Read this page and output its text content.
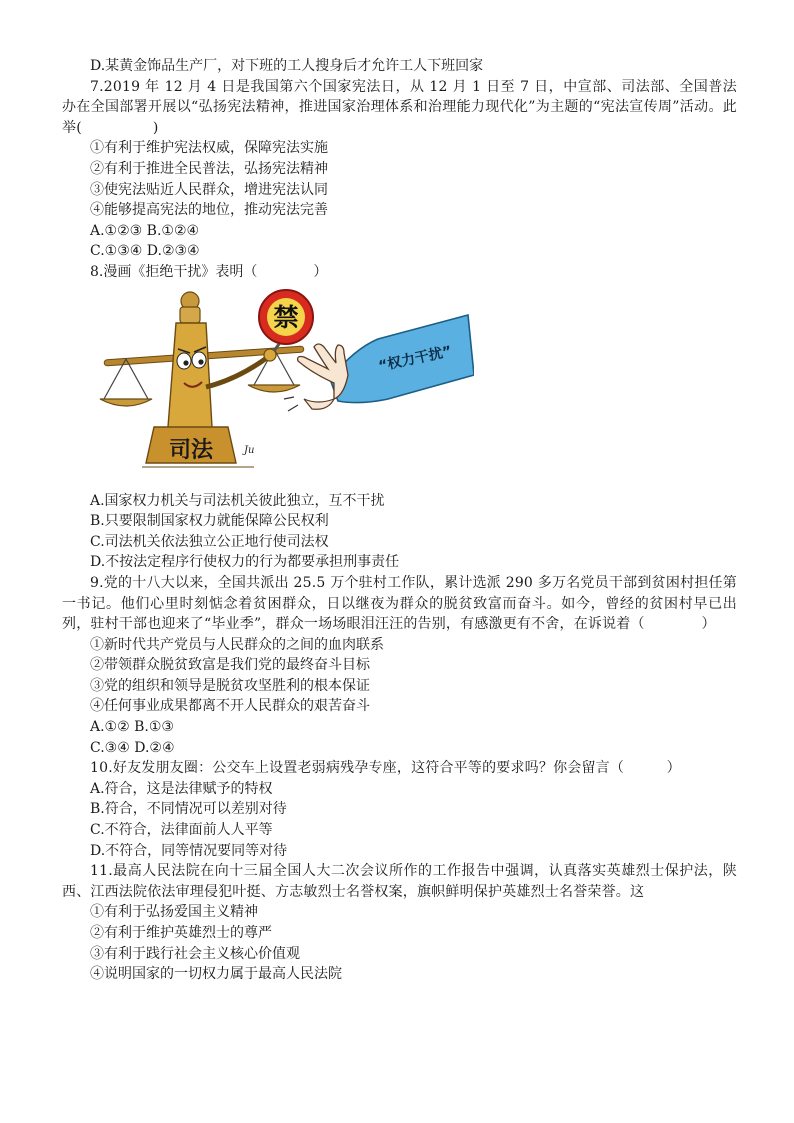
D.某黄金饰品生产厂，对下班的工人搜身后才允许工人下班回家
7.2019 年 12 月 4 日是我国第六个国家宪法日，从 12 月 1 日至 7 日，中宣部、司法部、全国普法办在全国部署开展以“弘扬宪法精神，推进国家治理体系和治理能力现代化”为主题的“宪法宣传周”活动。此举(　　　　　)
①有利于维护宪法权威，保障宪法实施
②有利于推进全民普法，弘扬宪法精神
③使宪法贴近人民群众，增进宪法认同
④能够提高宪法的地位，推动宪法完善
A.①②③ B.①②④
C.①③④ D.②③④
8.漫画《拒绝干扰》表明（　　　　）
禁
司法	Ju
“权力干扰”
A.国家权力机关与司法机关彼此独立，互不干扰
B.只要限制国家权力就能保障公民权利
C.司法机关依法独立公正地行使司法权
D.不按法定程序行使权力的行为都要承担刑事责任
9.党的十八大以来，全国共派出 25.5 万个驻村工作队，累计选派 290 多万名党员干部到贫困村担任第一书记。他们心里时刻惦念着贫困群众，日以继夜为群众的脱贫致富而奋斗。如今，曾经的贫困村早已出列，驻村干部也迎来了“毕业季”，群众一场场眼泪汪汪的告别，有感激更有不舍，在诉说着（　　　　）
①新时代共产党员与人民群众的之间的血肉联系
②带领群众脱贫致富是我们党的最终奋斗目标
③党的组织和领导是脱贫攻坚胜利的根本保证
④任何事业成果都离不开人民群众的艰苦奋斗
A.①② B.①③
C.③④ D.②④
10.好友发朋友圈：公交车上设置老弱病残孕专座，这符合平等的要求吗？你会留言（　　　）
A.符合，这是法律赋予的特权
B.符合，不同情况可以差别对待
C.不符合，法律面前人人平等
D.不符合，同等情况要同等对待
11.最高人民法院在向十三届全国人大二次会议所作的工作报告中强调，认真落实英雄烈士保护法，陕西、江西法院依法审理侵犯叶挺、方志敏烈士名誉权案，旗帜鲜明保护英雄烈士名誉荣誉。这
①有利于弘扬爱国主义精神
②有利于维护英雄烈士的尊严
③有利于践行社会主义核心价值观
④说明国家的一切权力属于最高人民法院
